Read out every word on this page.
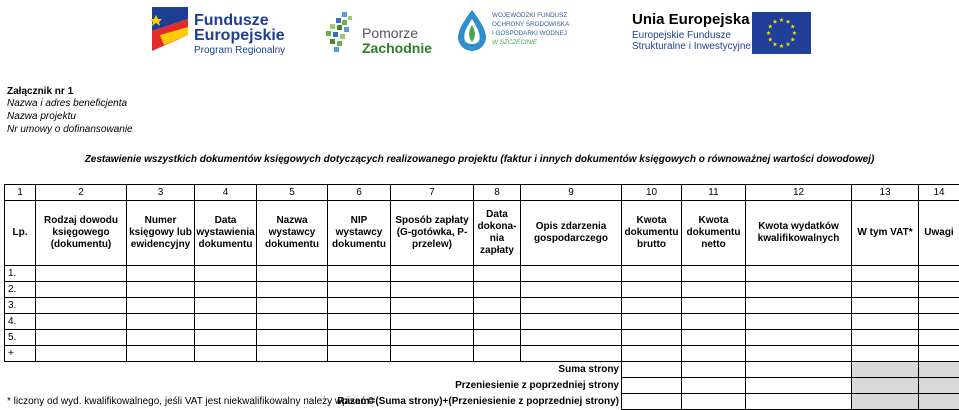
Fundusze
Europejskie
Program Regionalny
Pomorze
Zachodnie
WOJEWÓDZKI FUNDUSZ
OCHRONY ŚRODOWISKA
I GOSPODARKI WODNEJ
W SZCZECINIE
Unia Europejska
Europejskie Fundusze
Strukturalne i Inwestycyjne
Załącznik nr 1
Nazwa i adres beneficjenta
Nazwa projektu
Nr umowy o dofinansowanie
Zestawienie wszystkich dokumentów księgowych dotyczących realizowanego projektu (faktur i innych dokumentów księgowych o równoważnej wartości dowodowej)
1	2	3	4	5	6	7	8	9	10	11	12	13	14
Lp.	Rodzaj dowodu księgowego (dokumentu)	Numer księgowy lub ewidencyjny	Data wystawienia dokumentu	Nazwa wystawcy dokumentu	NIP wystawcy dokumentu	Sposób zapłaty (G-gotówka, P-przelew)	Data dokona-nia zapłaty	Opis zdarzenia gospodarczego	Kwota dokumentu brutto	Kwota dokumentu netto	Kwota wydatków kwalifikowalnych	W tym VAT*	Uwagi
1.													
2.													
3.													
4.													
5.													
+													
Suma strony													
Przeniesienie z poprzedniej strony													
Razem=(Suma strony)+(Przeniesienie z poprzedniej strony)													
* liczony od wyd. kwalifikowalnego, jeśli VAT jest niekwalifikowalny należy wpisać 0
